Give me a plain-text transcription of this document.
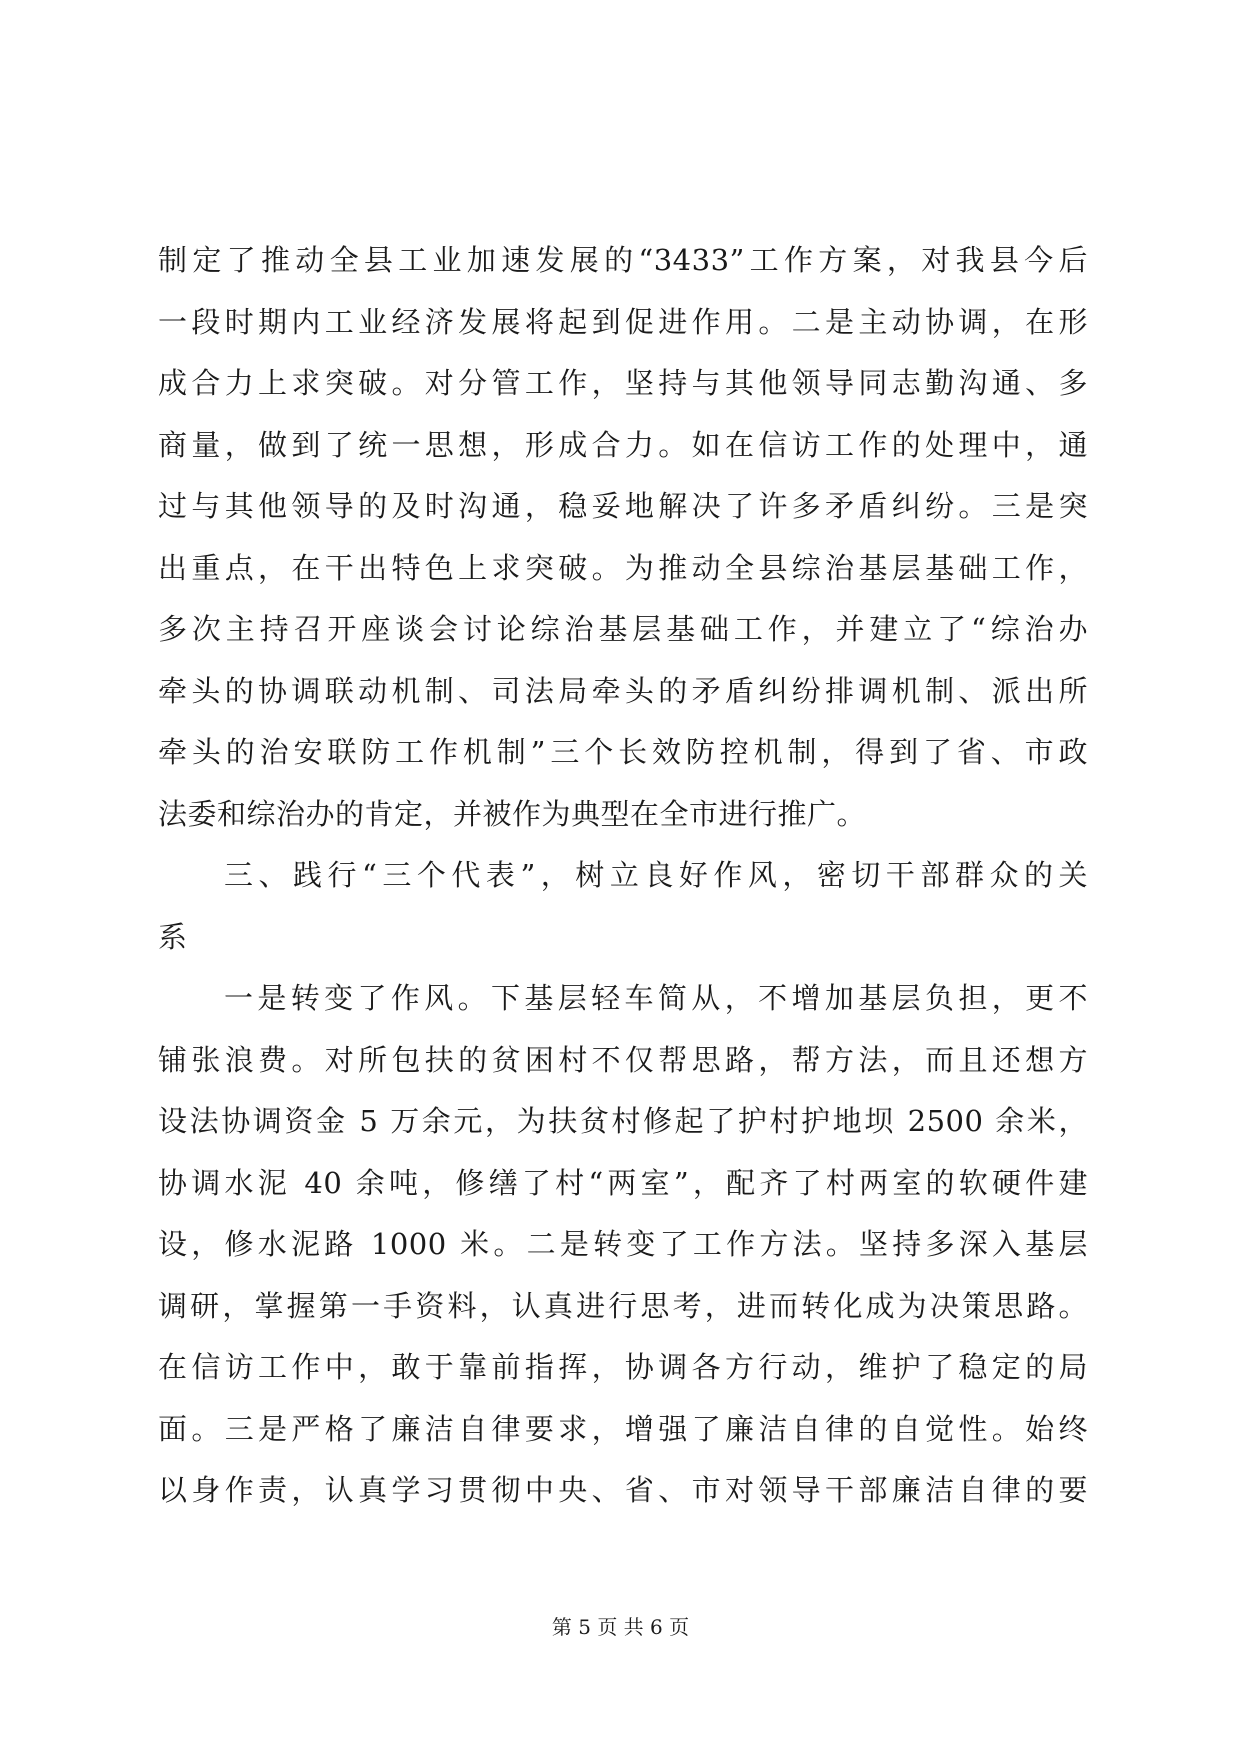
制定了推动全县工业加速发展的“3433”工作方案，对我县今后
一段时期内工业经济发展将起到促进作用。二是主动协调，在形
成合力上求突破。对分管工作，坚持与其他领导同志勤沟通、多
商量，做到了统一思想，形成合力。如在信访工作的处理中，通
过与其他领导的及时沟通，稳妥地解决了许多矛盾纠纷。三是突
出重点，在干出特色上求突破。为推动全县综治基层基础工作，
多次主持召开座谈会讨论综治基层基础工作，并建立了“综治办
牵头的协调联动机制、司法局牵头的矛盾纠纷排调机制、派出所
牵头的治安联防工作机制”三个长效防控机制，得到了省、市政
法委和综治办的肯定，并被作为典型在全市进行推广。
三、践行“三个代表”，树立良好作风，密切干部群众的关
系
一是转变了作风。下基层轻车简从，不增加基层负担，更不
铺张浪费。对所包扶的贫困村不仅帮思路，帮方法，而且还想方
设法协调资金 5 万余元，为扶贫村修起了护村护地坝 2500 余米，
协调水泥 40 余吨，修缮了村“两室”，配齐了村两室的软硬件建
设，修水泥路 1000 米。二是转变了工作方法。坚持多深入基层
调研，掌握第一手资料，认真进行思考，进而转化成为决策思路。
在信访工作中，敢于靠前指挥，协调各方行动，维护了稳定的局
面。三是严格了廉洁自律要求，增强了廉洁自律的自觉性。始终
以身作责，认真学习贯彻中央、省、市对领导干部廉洁自律的要
第 5 页 共 6 页
